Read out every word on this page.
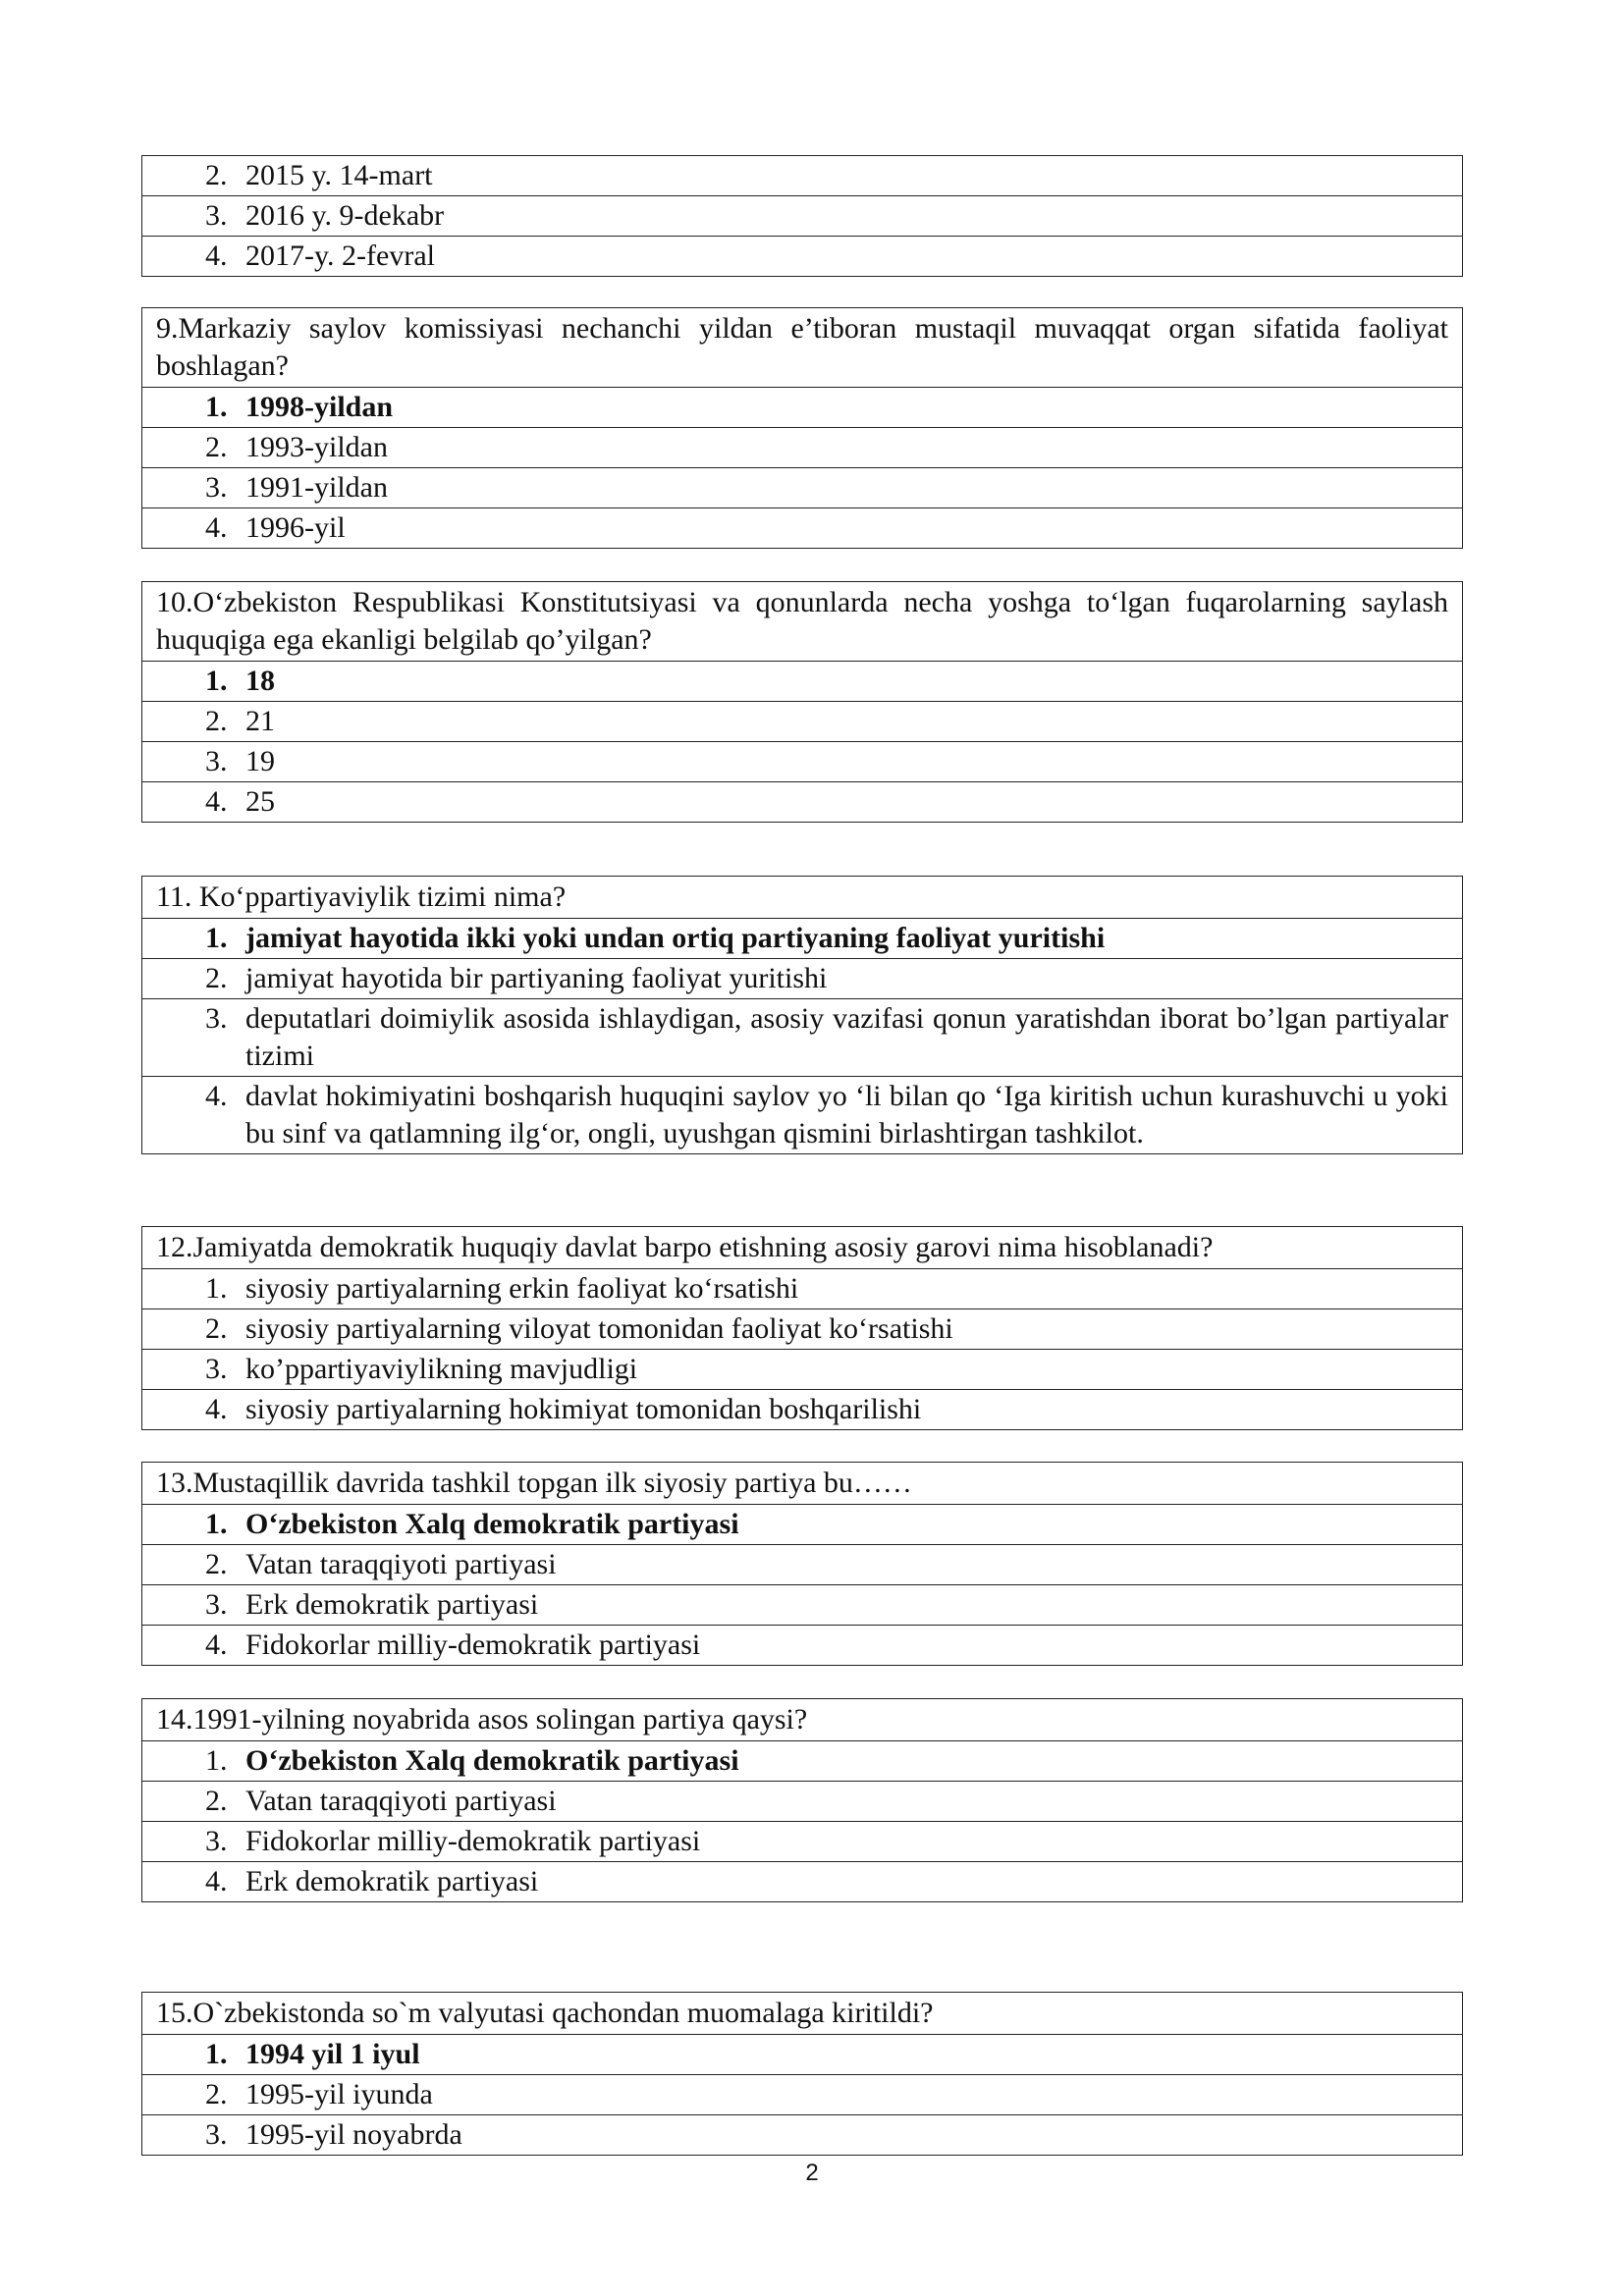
2. 2015 y. 14-mart
3. 2016 y. 9-dekabr
4. 2017-y. 2-fevral
9.Markaziy saylov komissiyasi nechanchi yildan e’tiboran mustaqil muvaqqat organ sifatida faoliyat boshlagan?
1. 1998-yildan
2. 1993-yildan
3. 1991-yildan
4. 1996-yil
10.O‘zbekiston Respublikasi Konstitutsiyasi va qonunlarda necha yoshga to‘lgan fuqarolarning saylash huquqiga ega ekanligi belgilab qo’yilgan?
1. 18
2. 21
3. 19
4. 25
11. Ko‘ppartiyaviylik tizimi nima?
1. jamiyat hayotida ikki yoki undan ortiq partiyaning faoliyat yuritishi
2. jamiyat hayotida bir partiyaning faoliyat yuritishi
3. deputatlari doimiylik asosida ishlaydigan, asosiy vazifasi qonun yaratishdan iborat bo’lgan partiyalar tizimi
4. davlat hokimiyatini boshqarish huquqini saylov yo ‘li bilan qo ‘Iga kiritish uchun kurashuvchi u yoki bu sinf va qatlamning ilg‘or, ongli, uyushgan qismini birlashtirgan tashkilot.
12.Jamiyatda demokratik huquqiy davlat barpo etishning asosiy garovi nima hisoblanadi?
1. siyosiy partiyalarning erkin faoliyat ko‘rsatishi
2. siyosiy partiyalarning viloyat tomonidan faoliyat ko‘rsatishi
3. ko’ppartiyaviylikning mavjudligi
4. siyosiy partiyalarning hokimiyat tomonidan boshqarilishi
13.Mustaqillik davrida tashkil topgan ilk siyosiy partiya bu……
1. O‘zbekiston Xalq demokratik partiyasi
2. Vatan taraqqiyoti partiyasi
3. Erk demokratik partiyasi
4. Fidokorlar milliy-demokratik partiyasi
14.1991-yilning noyabrida asos solingan partiya qaysi?
1. O‘zbekiston Xalq demokratik partiyasi
2. Vatan taraqqiyoti partiyasi
3. Fidokorlar milliy-demokratik partiyasi
4. Erk demokratik partiyasi
15.O`zbekistonda so`m valyutasi qachondan muomalaga kiritildi?
1. 1994 yil 1 iyul
2. 1995-yil iyunda
3. 1995-yil noyabrda
2
